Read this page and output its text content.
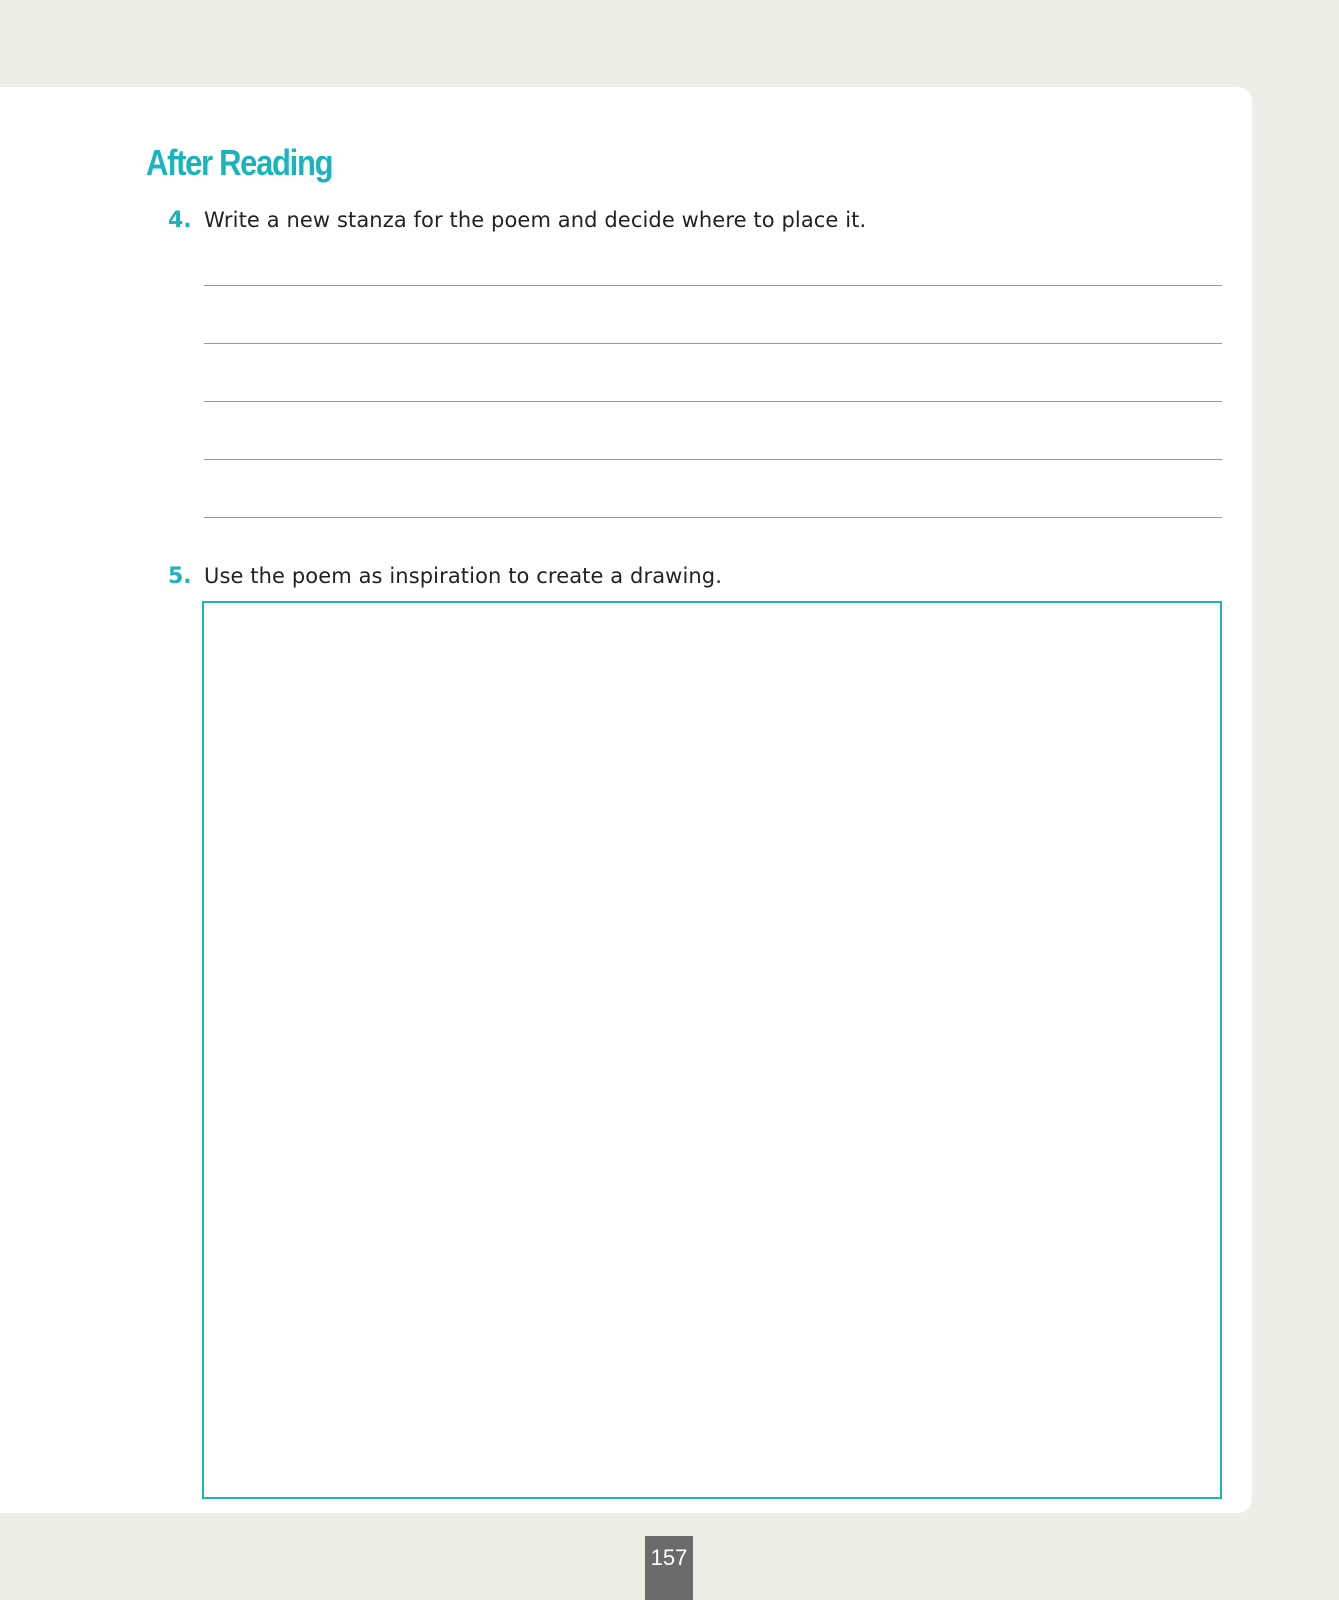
After Reading
4. Write a new stanza for the poem and decide where to place it.
5. Use the poem as inspiration to create a drawing.
157
